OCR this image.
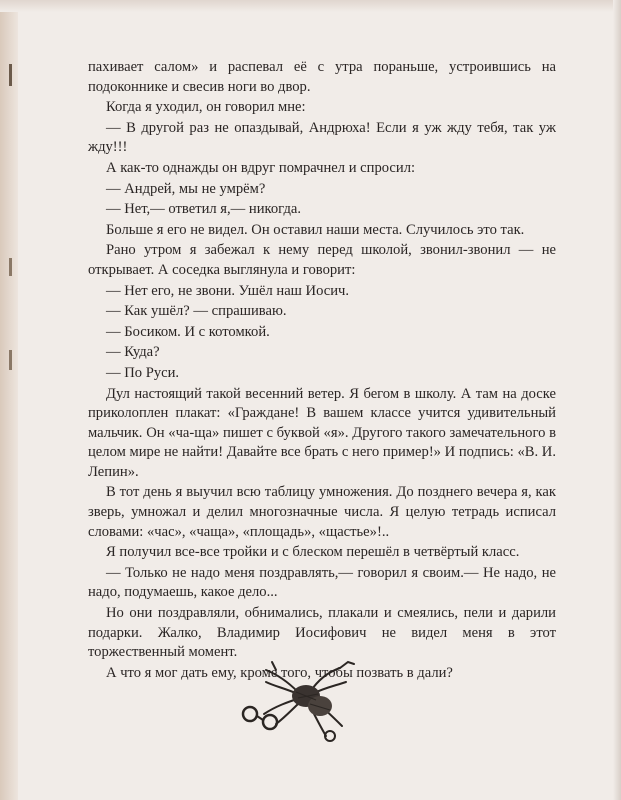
пахивает салом» и распевал её с утра пораньше, устроившись на подоконнике и свесив ноги во двор.

Когда я уходил, он говорил мне:

— В другой раз не опаздывай, Андрюха! Если я уж жду тебя, так уж жду!!!

А как-то однажды он вдруг помрачнел и спросил:

— Андрей, мы не умрём?

— Нет,— ответил я,— никогда.

Больше я его не видел. Он оставил наши места. Случилось это так.

Рано утром я забежал к нему перед школой, звонил-звонил — не открывает. А соседка выглянула и говорит:

— Нет его, не звони. Ушёл наш Иосич.

— Как ушёл? — спрашиваю.

— Босиком. И с котомкой.

— Куда?

— По Руси.

Дул настоящий такой весенний ветер. Я бегом в школу. А там на доске приколоплен плакат: «Граждане! В вашем классе учится удивительный мальчик. Он «ча-ща» пишет с буквой «я». Другого такого замечательного в целом мире не найти! Давайте все брать с него пример!» И подпись: «В. И. Лепин».

В тот день я выучил всю таблицу умножения. До позднего вечера я, как зверь, умножал и делил многозначные числа. Я целую тетрадь исписал словами: «час», «чаща», «площадь», «щастье»!..

Я получил все-все тройки и с блеском перешёл в четвёртый класс.

— Только не надо меня поздравлять,— говорил я своим.— Не надо, не надо, подумаешь, какое дело...

Но они поздравляли, обнимались, плакали и смеялись, пели и дарили подарки. Жалко, Владимир Иосифович не видел меня в этот торжественный момент.

А что я мог дать ему, кроме того, чтобы позвать в дали?
